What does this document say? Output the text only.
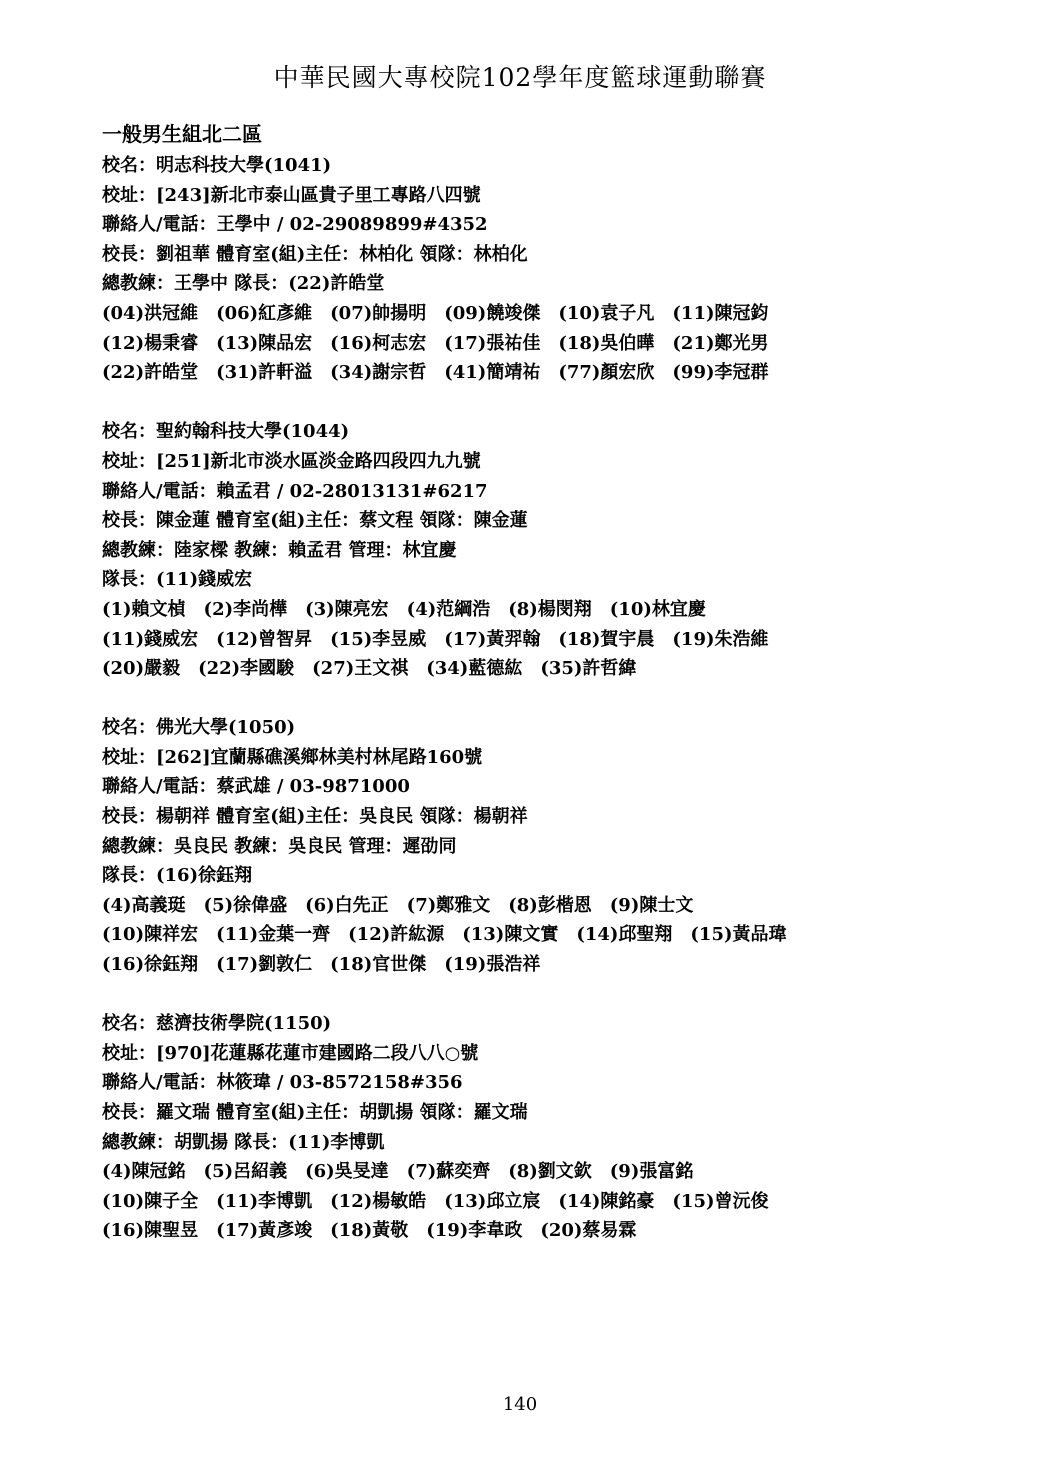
中華民國大專校院102學年度籃球運動聯賽
一般男生組北二區
校名：明志科技大學(1041)
校址：[243]新北市泰山區貴子里工專路八四號
聯絡人/電話：王學中 / 02-29089899#4352
校長：劉祖華 體育室(組)主任：林柏化 領隊：林柏化
總教練：王學中 隊長：(22)許皓堂
(04)洪冠維　(06)紅彥維　(07)帥揚明　(09)饒竣傑　(10)袁子凡　(11)陳冠鈞
(12)楊秉睿　(13)陳品宏　(16)柯志宏　(17)張祐佳　(18)吳伯曄　(21)鄭光男
(22)許皓堂　(31)許軒溢　(34)謝宗哲　(41)簡靖祐　(77)顏宏欣　(99)李冠群
校名：聖約翰科技大學(1044)
校址：[251]新北市淡水區淡金路四段四九九號
聯絡人/電話：賴孟君 / 02-28013131#6217
校長：陳金蓮 體育室(組)主任：蔡文程 領隊：陳金蓮
總教練：陸家樑 教練：賴孟君 管理：林宜慶
隊長：(11)錢威宏
(1)賴文楨　(2)李尚樺　(3)陳亮宏　(4)范綱浩　(8)楊閔翔　(10)林宜慶
(11)錢威宏　(12)曾智昇　(15)李昱威　(17)黃羿翰　(18)賀宇晨　(19)朱浩維
(20)嚴毅　(22)李國駿　(27)王文祺　(34)藍德紘　(35)許哲緯
校名：佛光大學(1050)
校址：[262]宜蘭縣礁溪鄉林美村林尾路160號
聯絡人/電話：蔡武雄 / 03-9871000
校長：楊朝祥 體育室(組)主任：吳良民 領隊：楊朝祥
總教練：吳良民 教練：吳良民 管理：遲劭同
隊長：(16)徐鈺翔
(4)高義珽　(5)徐偉盛　(6)白先正　(7)鄭雅文　(8)彭楷恩　(9)陳士文
(10)陳祥宏　(11)金葉一齊　(12)許紘源　(13)陳文實　(14)邱聖翔　(15)黃品瑋
(16)徐鈺翔　(17)劉敦仁　(18)官世傑　(19)張浩祥
校名：慈濟技術學院(1150)
校址：[970]花蓮縣花蓮市建國路二段八八○號
聯絡人/電話：林筱瑋 / 03-8572158#356
校長：羅文瑞 體育室(組)主任：胡凱揚 領隊：羅文瑞
總教練：胡凱揚 隊長：(11)李博凱
(4)陳冠銘　(5)呂紹義　(6)吳旻達　(7)蘇奕齊　(8)劉文欽　(9)張富銘
(10)陳子全　(11)李博凱　(12)楊敏皓　(13)邱立宸　(14)陳銘豪　(15)曾沅俊
(16)陳聖昱　(17)黃彥竣　(18)黃敬　(19)李韋政　(20)蔡易霖
140
